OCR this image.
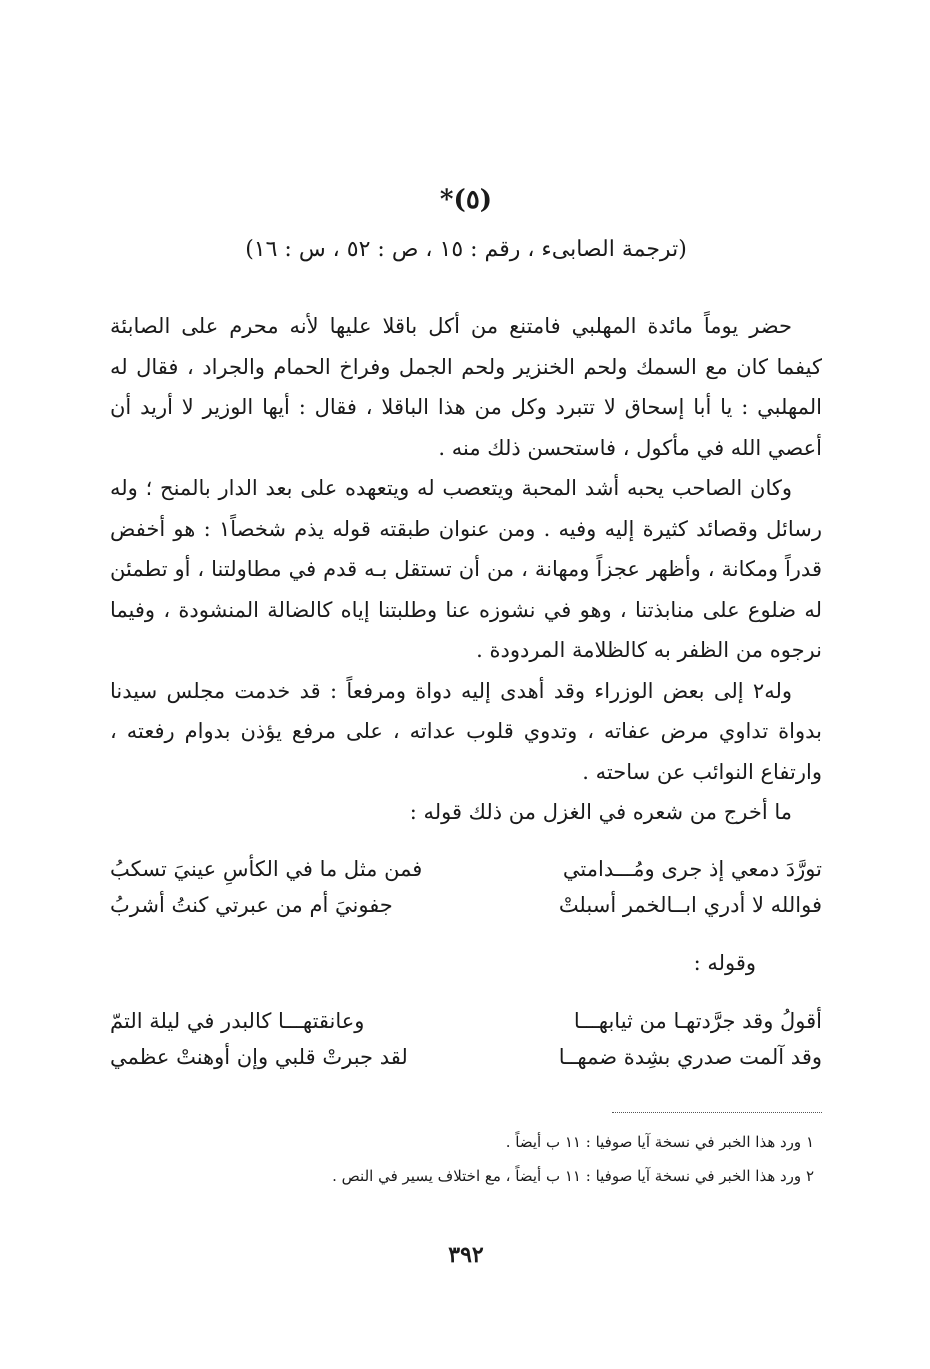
(٥)*
(ترجمة الصابىء ، رقم : ١٥ ، ص : ٥٢ ، س : ١٦)

حضر يوماً مائدة المهلبي فامتنع من أكل باقلا عليها لأنه محرم على الصابئة كيفما كان مع السمك ولحم الخنزير ولحم الجمل وفراخ الحمام والجراد ، فقال له المهلبي : يا أبا إسحاق لا تتبرد وكل من هذا الباقلا ، فقال : أيها الوزير لا أريد أن أعصي الله في مأكول ، فاستحسن ذلك منه .

وكان الصاحب يحبه أشد المحبة ويتعصب له ويتعهده على بعد الدار بالمنح ؛ وله رسائل وقصائد كثيرة إليه وفيه . ومن عنوان طبقته قوله يذم شخصاً١ : هو أخفض قدراً ومكانة ، وأظهر عجزاً ومهانة ، من أن تستقل بـه قدم في مطاولتنا ، أو تطمئن له ضلوع على منابذتنا ، وهو في نشوزه عنا وطلبتنا إياه كالضالة المنشودة ، وفيما نرجوه من الظفر به كالظلامة المردودة .

وله٢ إلى بعض الوزراء وقد أهدى إليه دواة ومرفعاً : قد خدمت مجلس سيدنا بدواة تداوي مرض عفاته ، وتدوي قلوب عداته ، على مرفع يؤذن بدوام رفعته ، وارتفاع النوائب عن ساحته .

ما أخرج من شعره في الغزل من ذلك قوله :

تورَّدَ دمعي إذ جرى ومُـــدامتي
فمن مثل ما في الكأسِ عينيَ تسكبُ
فوالله لا أدري ابــالخمر أسبلتْ
جفونيَ أم من عبرتي كنتُ أشربُ
وقوله :
أقولُ وقد جرَّدتهـا من ثيابهـــا
وعانقتهـــا كالبدر في ليلة التمّ
وقد آلمت صدري بشِدة ضمهــا
لقد جبرتْ قلبي وإن أوهنتْ عظمي

١ ورد هذا الخبر في نسخة آيا صوفيا : ١١ ب أيضاً .

٢ ورد هذا الخبر في نسخة آيا صوفيا : ١١ ب أيضاً ، مع اختلاف يسير في النص .

٣٩٢
